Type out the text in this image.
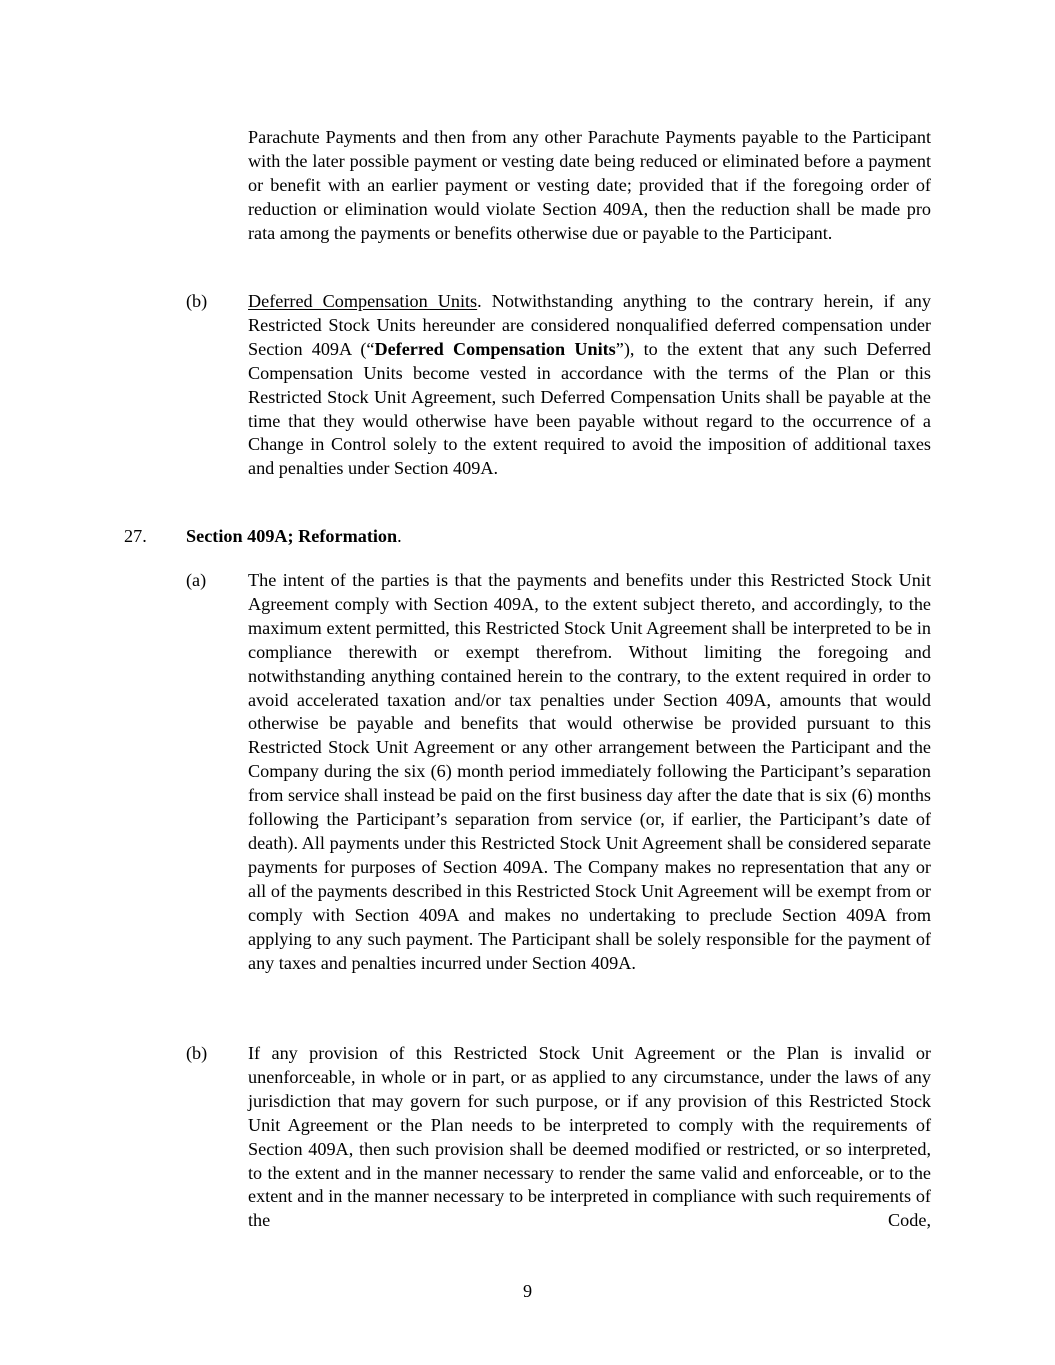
Parachute Payments and then from any other Parachute Payments payable to the Participant with the later possible payment or vesting date being reduced or eliminated before a payment or benefit with an earlier payment or vesting date; provided that if the foregoing order of reduction or elimination would violate Section 409A, then the reduction shall be made pro rata among the payments or benefits otherwise due or payable to the Participant.

(b) Deferred Compensation Units. Notwithstanding anything to the contrary herein, if any Restricted Stock Units hereunder are considered nonqualified deferred compensation under Section 409A (“Deferred Compensation Units”), to the extent that any such Deferred Compensation Units become vested in accordance with the terms of the Plan or this Restricted Stock Unit Agreement, such Deferred Compensation Units shall be payable at the time that they would otherwise have been payable without regard to the occurrence of a Change in Control solely to the extent required to avoid the imposition of additional taxes and penalties under Section 409A.

27. Section 409A; Reformation.

(a) The intent of the parties is that the payments and benefits under this Restricted Stock Unit Agreement comply with Section 409A, to the extent subject thereto, and accordingly, to the maximum extent permitted, this Restricted Stock Unit Agreement shall be interpreted to be in compliance therewith or exempt therefrom. Without limiting the foregoing and notwithstanding anything contained herein to the contrary, to the extent required in order to avoid accelerated taxation and/or tax penalties under Section 409A, amounts that would otherwise be payable and benefits that would otherwise be provided pursuant to this Restricted Stock Unit Agreement or any other arrangement between the Participant and the Company during the six (6) month period immediately following the Participant’s separation from service shall instead be paid on the first business day after the date that is six (6) months following the Participant’s separation from service (or, if earlier, the Participant’s date of death). All payments under this Restricted Stock Unit Agreement shall be considered separate payments for purposes of Section 409A. The Company makes no representation that any or all of the payments described in this Restricted Stock Unit Agreement will be exempt from or comply with Section 409A and makes no undertaking to preclude Section 409A from applying to any such payment. The Participant shall be solely responsible for the payment of any taxes and penalties incurred under Section 409A.

(b) If any provision of this Restricted Stock Unit Agreement or the Plan is invalid or unenforceable, in whole or in part, or as applied to any circumstance, under the laws of any jurisdiction that may govern for such purpose, or if any provision of this Restricted Stock Unit Agreement or the Plan needs to be interpreted to comply with the requirements of Section 409A, then such provision shall be deemed modified or restricted, or so interpreted, to the extent and in the manner necessary to render the same valid and enforceable, or to the extent and in the manner necessary to be interpreted in compliance with such requirements of the Code,

9
